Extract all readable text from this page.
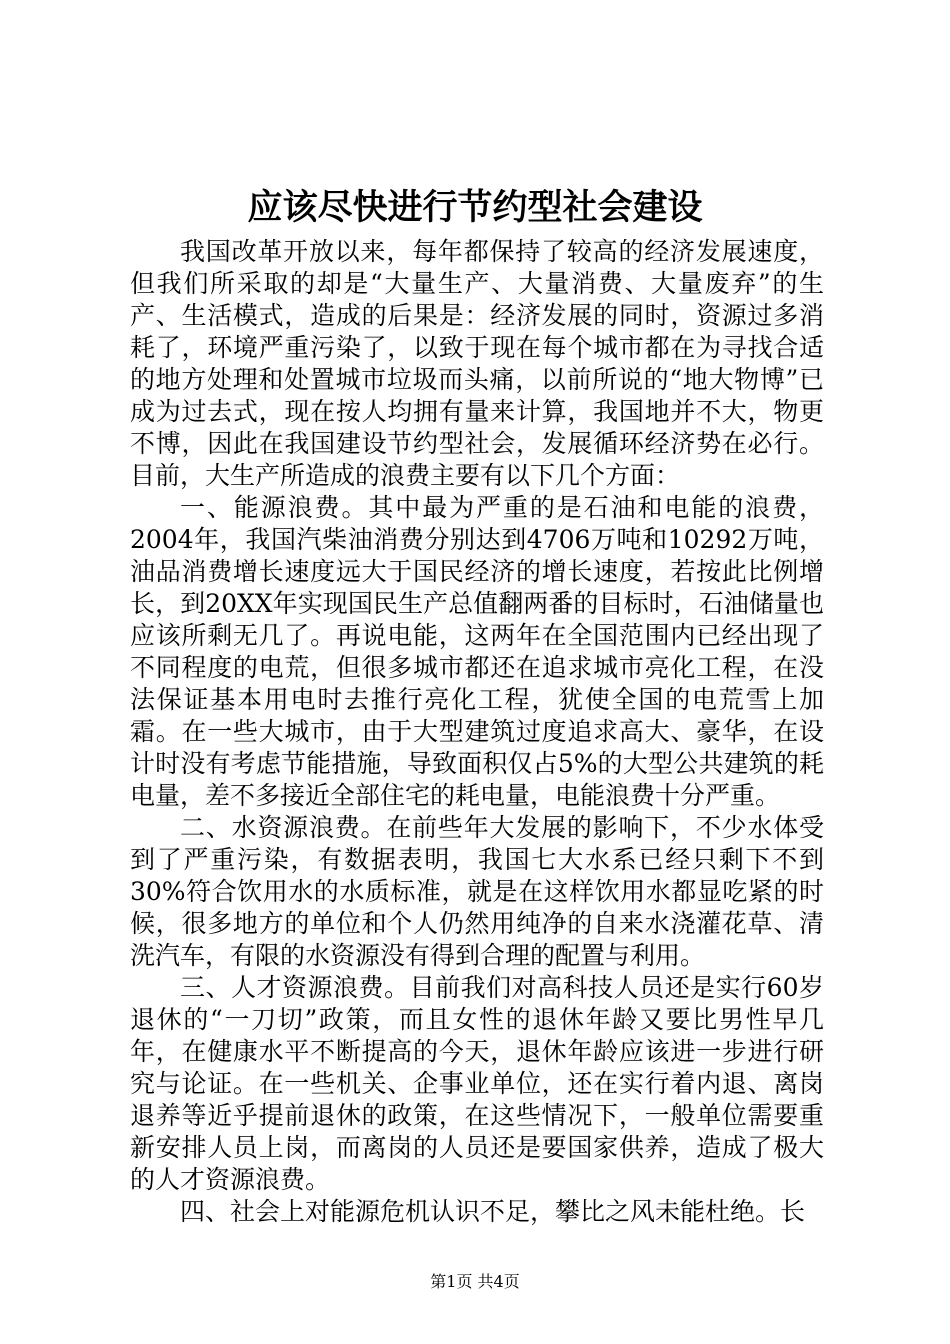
应该尽快进行节约型社会建设

我国改革开放以来，每年都保持了较高的经济发展速度，但我们所采取的却是“大量生产、大量消费、大量废弃”的生产、生活模式，造成的后果是：经济发展的同时，资源过多消耗了，环境严重污染了，以致于现在每个城市都在为寻找合适的地方处理和处置城市垃圾而头痛，以前所说的“地大物博”已成为过去式，现在按人均拥有量来计算，我国地并不大，物更不博，因此在我国建设节约型社会，发展循环经济势在必行。目前，大生产所造成的浪费主要有以下几个方面：

一、能源浪费。其中最为严重的是石油和电能的浪费，2004年，我国汽柴油消费分别达到4706万吨和10292万吨，油品消费增长速度远大于国民经济的增长速度，若按此比例增长，到20XX年实现国民生产总值翻两番的目标时，石油储量也应该所剩无几了。再说电能，这两年在全国范围内已经出现了不同程度的电荒，但很多城市都还在追求城市亮化工程，在没法保证基本用电时去推行亮化工程，犹使全国的电荒雪上加霜。在一些大城市，由于大型建筑过度追求高大、豪华，在设计时没有考虑节能措施，导致面积仅占5%的大型公共建筑的耗电量，差不多接近全部住宅的耗电量，电能浪费十分严重。

二、水资源浪费。在前些年大发展的影响下，不少水体受到了严重污染，有数据表明，我国七大水系已经只剩下不到30%符合饮用水的水质标准，就是在这样饮用水都显吃紧的时候，很多地方的单位和个人仍然用纯净的自来水浇灌花草、清洗汽车，有限的水资源没有得到合理的配置与利用。

三、人才资源浪费。目前我们对高科技人员还是实行60岁退休的“一刀切”政策，而且女性的退休年龄又要比男性早几年，在健康水平不断提高的今天，退休年龄应该进一步进行研究与论证。在一些机关、企事业单位，还在实行着内退、离岗退养等近乎提前退休的政策，在这些情况下，一般单位需要重新安排人员上岗，而离岗的人员还是要国家供养，造成了极大的人才资源浪费。

四、社会上对能源危机认识不足，攀比之风未能杜绝。长

第1页 共4页
